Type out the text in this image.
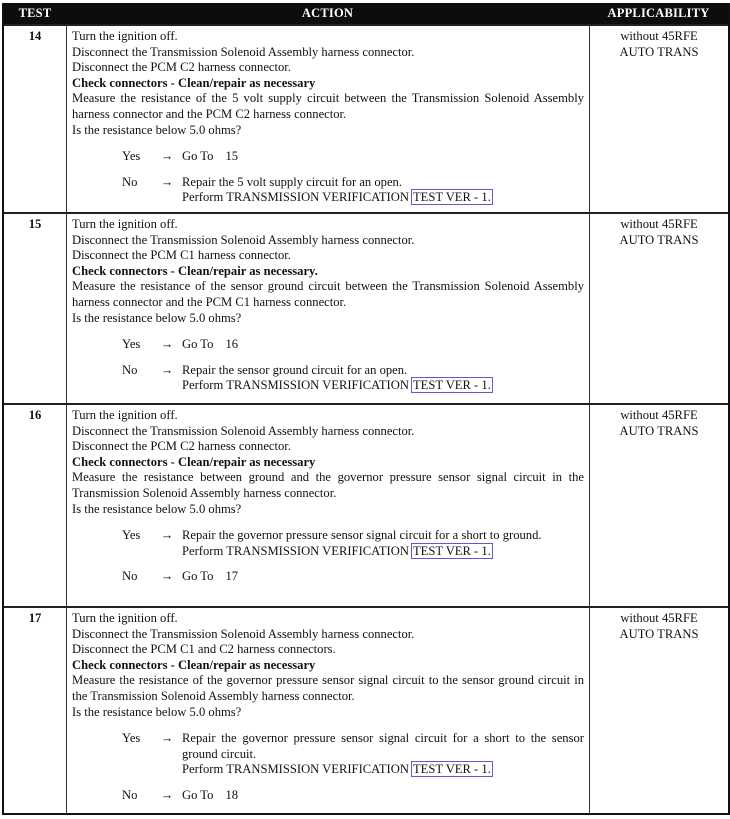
TEST	ACTION	APPLICABILITY
14	Turn the ignition off.
Disconnect the Transmission Solenoid Assembly harness connector.
Disconnect the PCM C2 harness connector.
Check connectors - Clean/repair as necessary
Measure the resistance of the 5 volt supply circuit between the Transmission Solenoid Assembly harness connector and the PCM C2 harness connector.
Is the resistance below 5.0 ohms?
Yes	→ Go To 15
No	→ Repair the 5 volt supply circuit for an open.
Perform TRANSMISSION VERIFICATION TEST VER - 1.
without 45RFE
AUTO TRANS
15	Turn the ignition off.
Disconnect the Transmission Solenoid Assembly harness connector.
Disconnect the PCM C1 harness connector.
Check connectors - Clean/repair as necessary.
Measure the resistance of the sensor ground circuit between the Transmission Solenoid Assembly harness connector and the PCM C1 harness connector.
Is the resistance below 5.0 ohms?
Yes	→ Go To 16
No	→ Repair the sensor ground circuit for an open.
Perform TRANSMISSION VERIFICATION TEST VER - 1.
without 45RFE
AUTO TRANS
16	Turn the ignition off.
Disconnect the Transmission Solenoid Assembly harness connector.
Disconnect the PCM C2 harness connector.
Check connectors - Clean/repair as necessary
Measure the resistance between ground and the governor pressure sensor signal circuit in the Transmission Solenoid Assembly harness connector.
Is the resistance below 5.0 ohms?
Yes	→ Repair the governor pressure sensor signal circuit for a short to ground.
Perform TRANSMISSION VERIFICATION TEST VER - 1.
No	→ Go To 17
without 45RFE
AUTO TRANS
17	Turn the ignition off.
Disconnect the Transmission Solenoid Assembly harness connector.
Disconnect the PCM C1 and C2 harness connectors.
Check connectors - Clean/repair as necessary
Measure the resistance of the governor pressure sensor signal circuit to the sensor ground circuit in the Transmission Solenoid Assembly harness connector.
Is the resistance below 5.0 ohms?
Yes	→ Repair the governor pressure sensor signal circuit for a short to the sensor ground circuit.
Perform TRANSMISSION VERIFICATION TEST VER - 1.
No	→ Go To 18
without 45RFE
AUTO TRANS
